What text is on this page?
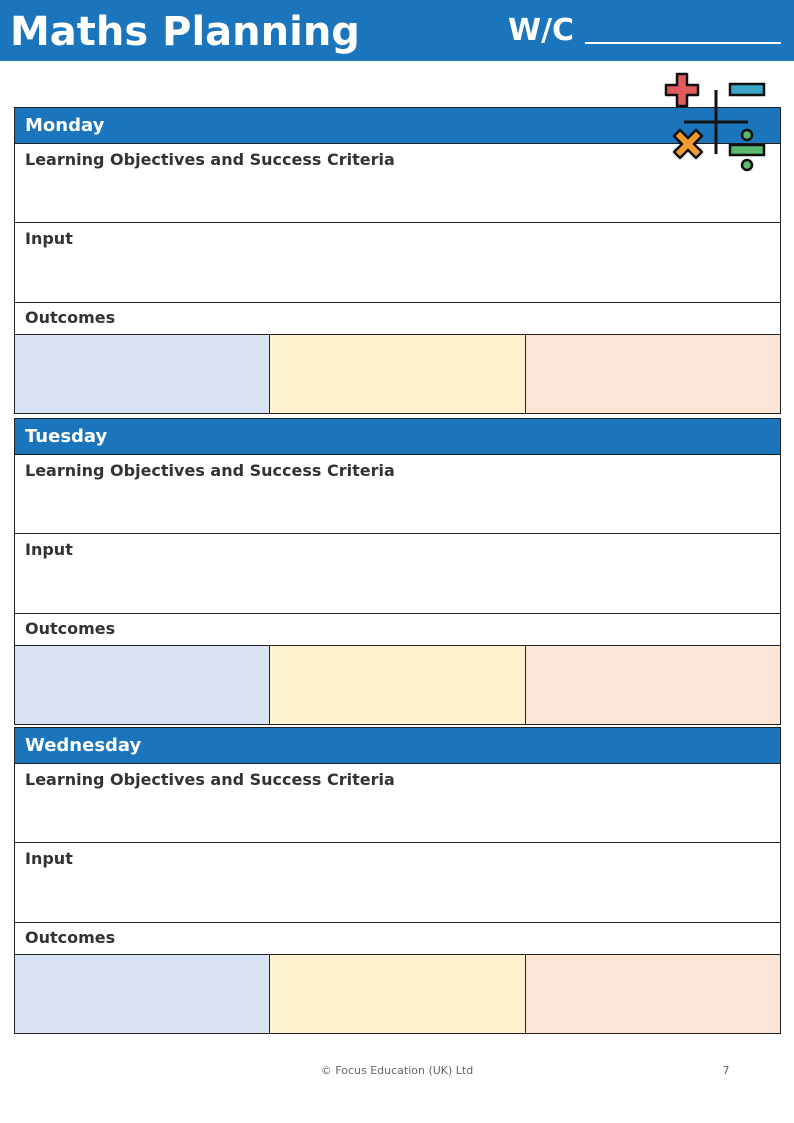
Maths Planning	W/C
Monday
Learning Objectives and Success Criteria
Input
Outcomes
Tuesday
Learning Objectives and Success Criteria
Input
Outcomes
Wednesday
Learning Objectives and Success Criteria
Input
Outcomes
© Focus Education (UK) Ltd	7
